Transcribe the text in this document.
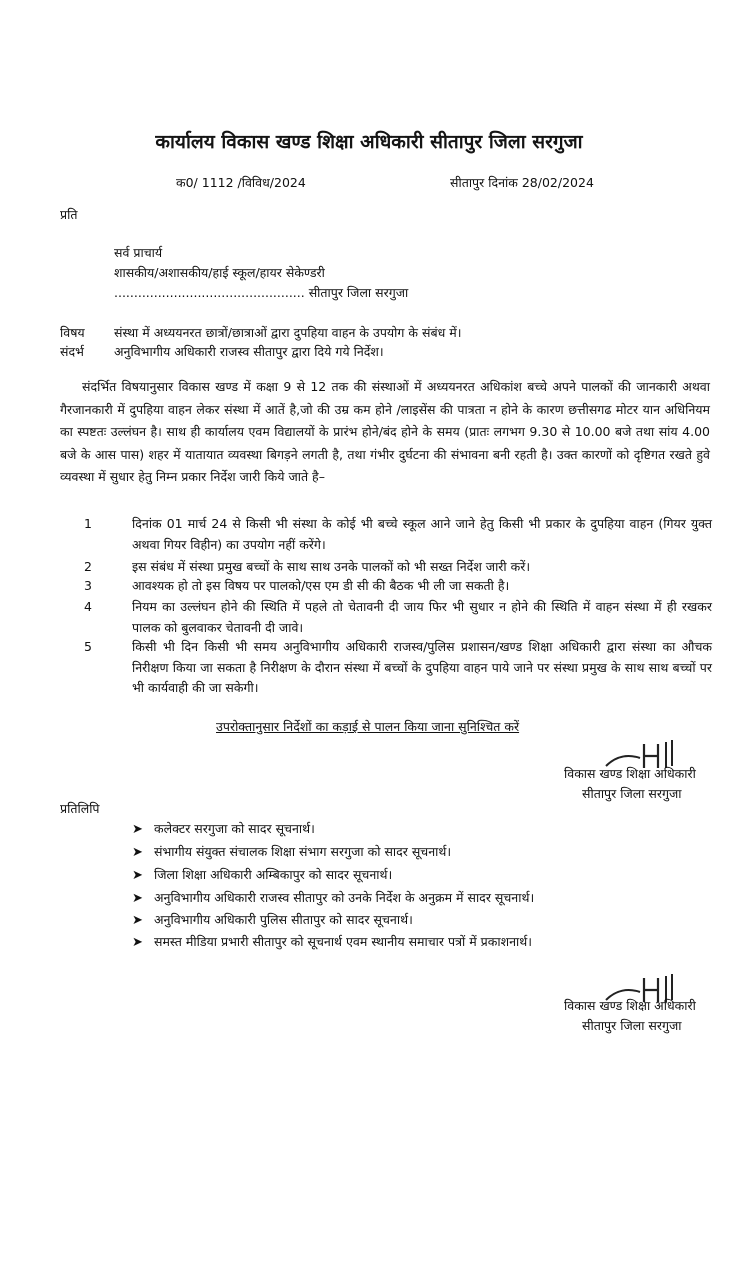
कार्यालय विकास खण्ड शिक्षा अधिकारी सीतापुर जिला सरगुजा
क0/ 1112 /विविध/2024	सीतापुर दिनांक 28/02/2024
प्रति
सर्व प्राचार्य
शासकीय/अशासकीय/हाई स्कूल/हायर सेकेण्डरी
................................................ सीतापुर जिला सरगुजा
विषय संस्था में अध्ययनरत छात्रों/छात्राओं द्वारा दुपहिया वाहन के उपयोग के संबंध में।
संदर्भ अनुविभागीय अधिकारी राजस्व सीतापुर द्वारा दिये गये निर्देश।
संदर्भित विषयानुसार विकास खण्ड में कक्षा 9 से 12 तक की संस्थाओं में अध्ययनरत अधिकांश बच्चे अपने पालकों की जानकारी अथवा गैरजानकारी में दुपहिया वाहन लेकर संस्था में आतें है,जो की उम्र कम होने /लाइसेंस की पात्रता न होने के कारण छत्तीसगढ मोटर यान अधिनियम का स्पष्टतः उल्लंघन है। साथ ही कार्यालय एवम विद्यालयों के प्रारंभ होने/बंद होने के समय (प्रातः लगभग 9.30 से 10.00 बजे तथा सांय 4.00 बजे के आस पास) शहर में यातायात व्यवस्था बिगड़ने लगती है, तथा गंभीर दुर्घटना की संभावना बनी रहती है। उक्त कारणों को दृष्टिगत रखते हुवे व्यवस्था में सुधार हेतु निम्न प्रकार निर्देश जारी किये जाते है–
1	दिनांक 01 मार्च 24 से किसी भी संस्था के कोई भी बच्चे स्कूल आने जाने हेतु किसी भी प्रकार के दुपहिया वाहन (गियर युक्त अथवा गियर विहीन) का उपयोग नहीं करेंगे।
2	इस संबंध में संस्था प्रमुख बच्चों के साथ साथ उनके पालकों को भी सख्त निर्देश जारी करें।
3	आवश्यक हो तो इस विषय पर पालको/एस एम डी सी की बैठक भी ली जा सकती है।
4	नियम का उल्लंघन होने की स्थिति में पहले तो चेतावनी दी जाय फिर भी सुधार न होने की स्थिति में वाहन संस्था में ही रखकर पालक को बुलवाकर चेतावनी दी जावे।
5	किसी भी दिन किसी भी समय अनुविभागीय अधिकारी राजस्व/पुलिस प्रशासन/खण्ड शिक्षा अधिकारी द्वारा संस्था का औचक निरीक्षण किया जा सकता है निरीक्षण के दौरान संस्था में बच्चों के दुपहिया वाहन पाये जाने पर संस्था प्रमुख के साथ साथ बच्चों पर भी कार्यवाही की जा सकेगी।
उपरोक्तानुसार निर्देशों का कड़ाई से पालन किया जाना सुनिश्चित करें
विकास खण्ड शिक्षा अधिकारी
सीतापुर जिला सरगुजा
प्रतिलिपि
➤ कलेक्टर सरगुजा को सादर सूचनार्थ।
➤ संभागीय संयुक्त संचालक शिक्षा संभाग सरगुजा को सादर सूचनार्थ।
➤ जिला शिक्षा अधिकारी अम्बिकापुर को सादर सूचनार्थ।
➤ अनुविभागीय अधिकारी राजस्व सीतापुर को उनके निर्देश के अनुक्रम में सादर सूचनार्थ।
➤ अनुविभागीय अधिकारी पुलिस सीतापुर को सादर सूचनार्थ।
➤ समस्त मीडिया प्रभारी सीतापुर को सूचनार्थ एवम स्थानीय समाचार पत्रों में प्रकाशनार्थ।
विकास खण्ड शिक्षा अधिकारी
सीतापुर जिला सरगुजा
